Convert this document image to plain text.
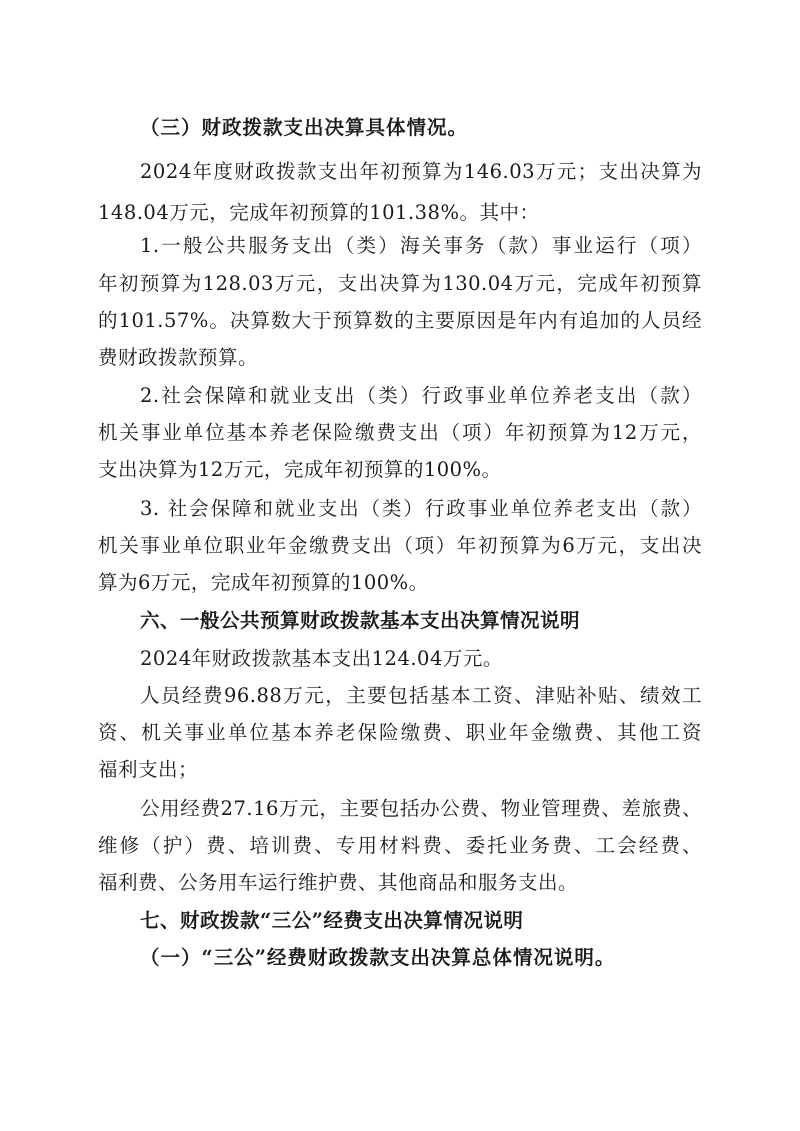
（三）财政拨款支出决算具体情况。
2024年度财政拨款支出年初预算为146.03万元；支出决算为
148.04万元，完成年初预算的101.38%。其中：
1.一般公共服务支出（类）海关事务（款）事业运行（项）
年初预算为128.03万元，支出决算为130.04万元，完成年初预算
的101.57%。决算数大于预算数的主要原因是年内有追加的人员经
费财政拨款预算。
2.社会保障和就业支出（类）行政事业单位养老支出（款）
机关事业单位基本养老保险缴费支出（项）年初预算为12万元，
支出决算为12万元，完成年初预算的100%。
3. 社会保障和就业支出（类）行政事业单位养老支出（款）
机关事业单位职业年金缴费支出（项）年初预算为6万元，支出决
算为6万元，完成年初预算的100%。
六、一般公共预算财政拨款基本支出决算情况说明
2024年财政拨款基本支出124.04万元。
人员经费96.88万元，主要包括基本工资、津贴补贴、绩效工
资、机关事业单位基本养老保险缴费、职业年金缴费、其他工资
福利支出；
公用经费27.16万元，主要包括办公费、物业管理费、差旅费、
维修（护）费、培训费、专用材料费、委托业务费、工会经费、
福利费、公务用车运行维护费、其他商品和服务支出。
七、财政拨款“三公”经费支出决算情况说明
（一）“三公”经费财政拨款支出决算总体情况说明。
